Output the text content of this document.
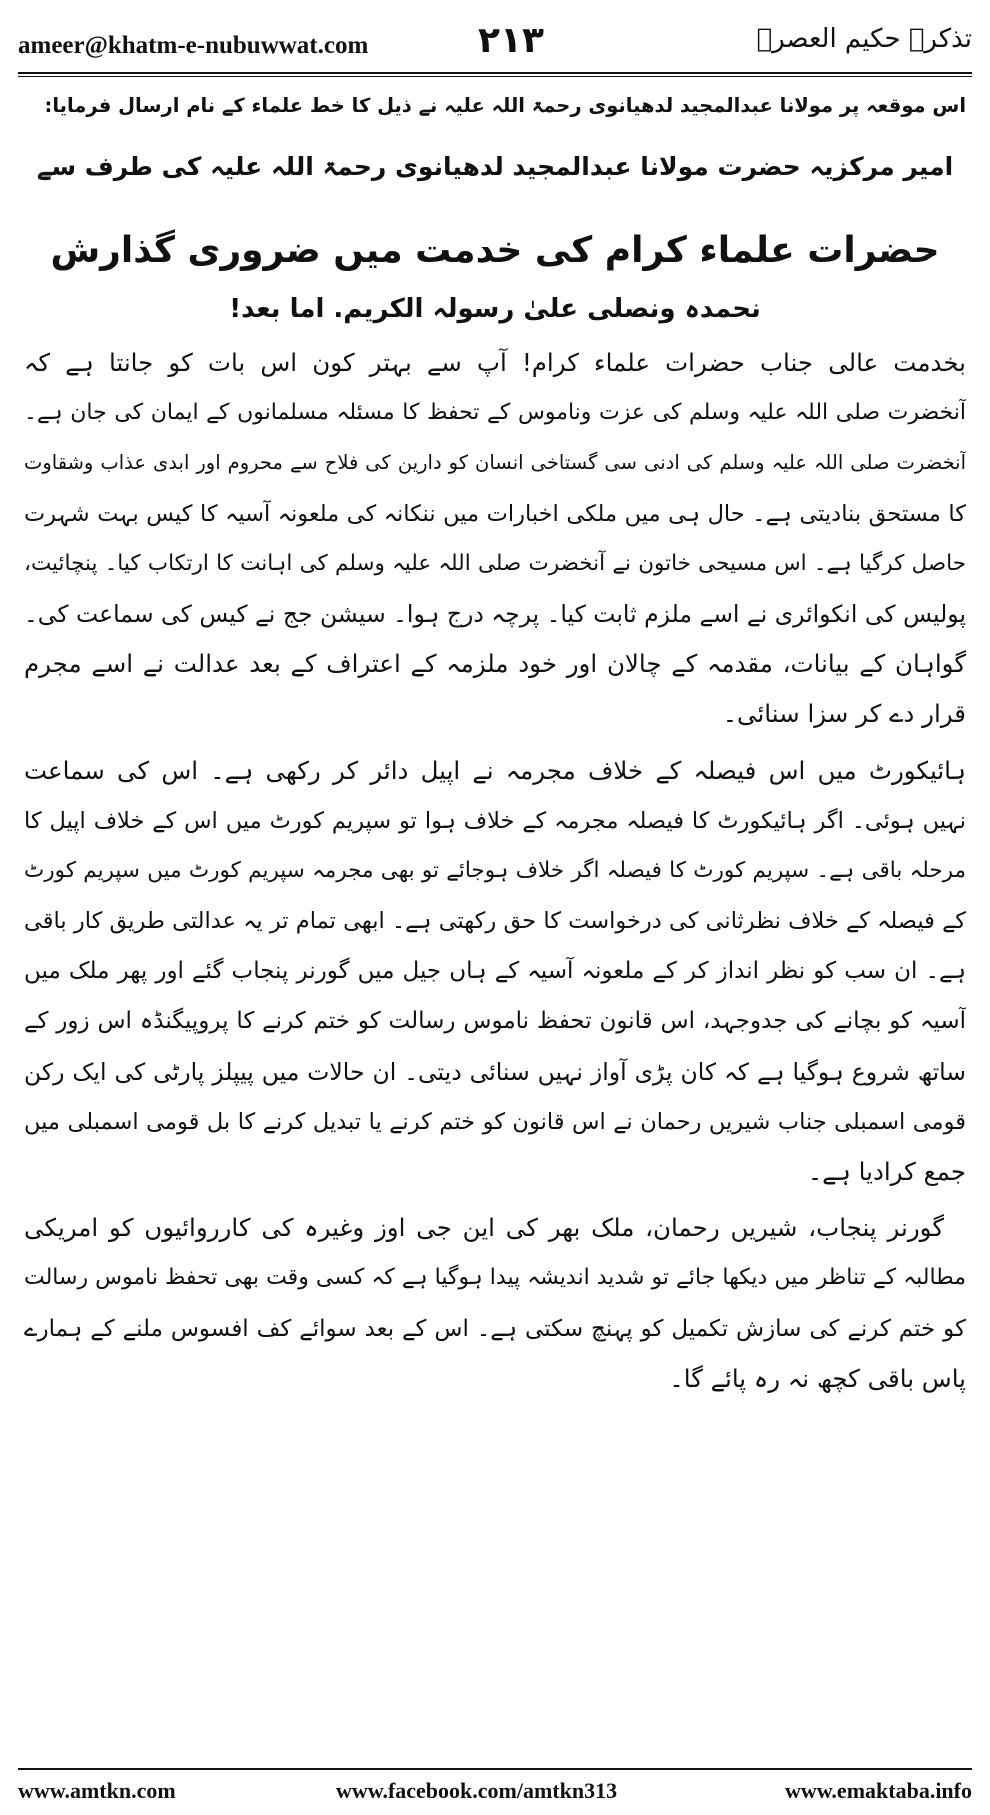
ameer@khatm-e-nubuwwat.com	۲۱۳	تذکرہ حکیم العصرؒ
اس موقعہ پر مولانا عبدالمجید لدھیانوی رحمۃ اللہ علیہ نے ذیل کا خط علماء کے نام ارسال فرمایا:
امیر مرکزیہ حضرت مولانا عبدالمجید لدھیانوی رحمۃ اللہ علیہ کی طرف سے
حضرات علماء کرام کی خدمت میں ضروری گذارش
نحمدہ ونصلی علیٰ رسولہ الکریم. اما بعد!
بخدمت عالی جناب حضرات علماء کرام! آپ سے بہتر کون اس بات کو جانتا ہے کہ
آنخضرت صلی اللہ علیہ وسلم کی عزت وناموس کے تحفظ کا مسئلہ مسلمانوں کے ایمان کی جان ہے۔
آنخضرت صلی اللہ علیہ وسلم کی ادنی سی گستاخی انسان کو دارین کی فلاح سے محروم اور ابدی عذاب وشقاوت
کا مستحق بنادیتی ہے۔ حال ہی میں ملکی اخبارات میں ننکانہ کی ملعونہ آسیہ کا کیس بہت شہرت
حاصل کرگیا ہے۔ اس مسیحی خاتون نے آنخضرت صلی اللہ علیہ وسلم کی اہانت کا ارتکاب کیا۔ پنچائیت،
پولیس کی انکوائری نے اسے ملزم ثابت کیا۔ پرچہ درج ہوا۔ سیشن جج نے کیس کی سماعت کی۔
گواہان کے بیانات، مقدمہ کے چالان اور خود ملزمہ کے اعتراف کے بعد عدالت نے اسے مجرم
قرار دے کر سزا سنائی۔
ہائیکورٹ میں اس فیصلہ کے خلاف مجرمہ نے اپیل دائر کر رکھی ہے۔ اس کی سماعت
نہیں ہوئی۔ اگر ہائیکورٹ کا فیصلہ مجرمہ کے خلاف ہوا تو سپریم کورٹ میں اس کے خلاف اپیل کا
مرحلہ باقی ہے۔ سپریم کورٹ کا فیصلہ اگر خلاف ہوجائے تو بھی مجرمہ سپریم کورٹ میں سپریم کورٹ
کے فیصلہ کے خلاف نظرثانی کی درخواست کا حق رکھتی ہے۔ ابھی تمام تر یہ عدالتی طریق کار باقی
ہے۔ ان سب کو نظر انداز کر کے ملعونہ آسیہ کے ہاں جیل میں گورنر پنجاب گئے اور پھر ملک میں
آسیہ کو بچانے کی جدوجہد، اس قانون تحفظ ناموس رسالت کو ختم کرنے کا پروپیگنڈہ اس زور کے
ساتھ شروع ہوگیا ہے کہ کان پڑی آواز نہیں سنائی دیتی۔ ان حالات میں پیپلز پارٹی کی ایک رکن
قومی اسمبلی جناب شیریں رحمان نے اس قانون کو ختم کرنے یا تبدیل کرنے کا بل قومی اسمبلی میں
جمع کرادیا ہے۔
گورنر پنجاب، شیریں رحمان، ملک بھر کی این جی اوز وغیرہ کی کارروائیوں کو امریکی
مطالبہ کے تناظر میں دیکھا جائے تو شدید اندیشہ پیدا ہوگیا ہے کہ کسی وقت بھی تحفظ ناموس رسالت
کو ختم کرنے کی سازش تکمیل کو پہنچ سکتی ہے۔ اس کے بعد سوائے کف افسوس ملنے کے ہمارے
پاس باقی کچھ نہ رہ پائے گا۔
www.amtkn.com	www.facebook.com/amtkn313	www.emaktaba.info
